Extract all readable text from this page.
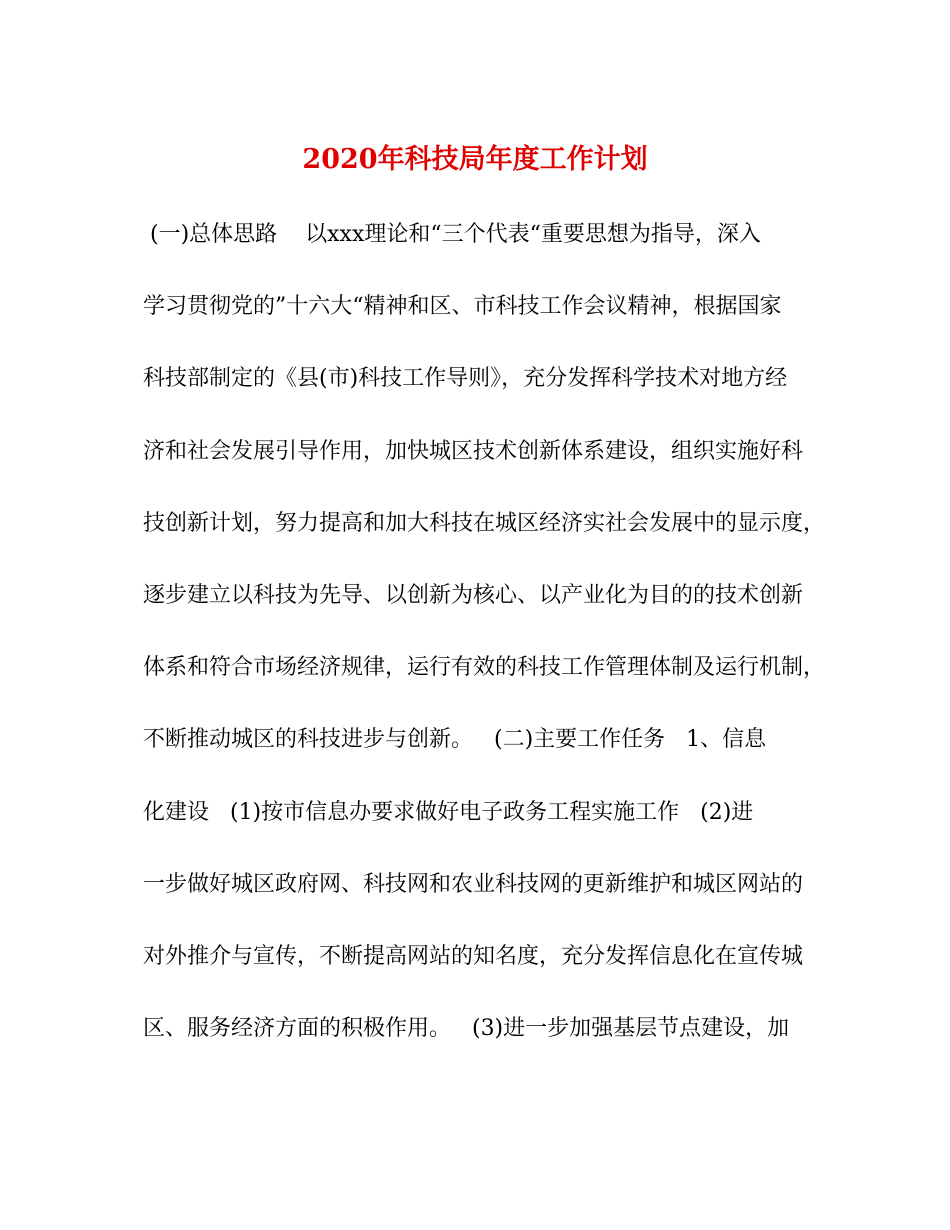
2020年科技局年度工作计划
(一)总体思路    以xxx理论和“三个代表“重要思想为指导，深入
学习贯彻党的”十六大“精神和区、市科技工作会议精神，根据国家
科技部制定的《县(市)科技工作导则》，充分发挥科学技术对地方经
济和社会发展引导作用，加快城区技术创新体系建设，组织实施好科
技创新计划，努力提高和加大科技在城区经济实社会发展中的显示度，
逐步建立以科技为先导、以创新为核心、以产业化为目的的技术创新
体系和符合市场经济规律，运行有效的科技工作管理体制及运行机制，
不断推动城区的科技进步与创新。   (二)主要工作任务   1、信息
化建设   (1)按市信息办要求做好电子政务工程实施工作   (2)进
一步做好城区政府网、科技网和农业科技网的更新维护和城区网站的
对外推介与宣传，不断提高网站的知名度，充分发挥信息化在宣传城
区、服务经济方面的积极作用。   (3)进一步加强基层节点建设，加
